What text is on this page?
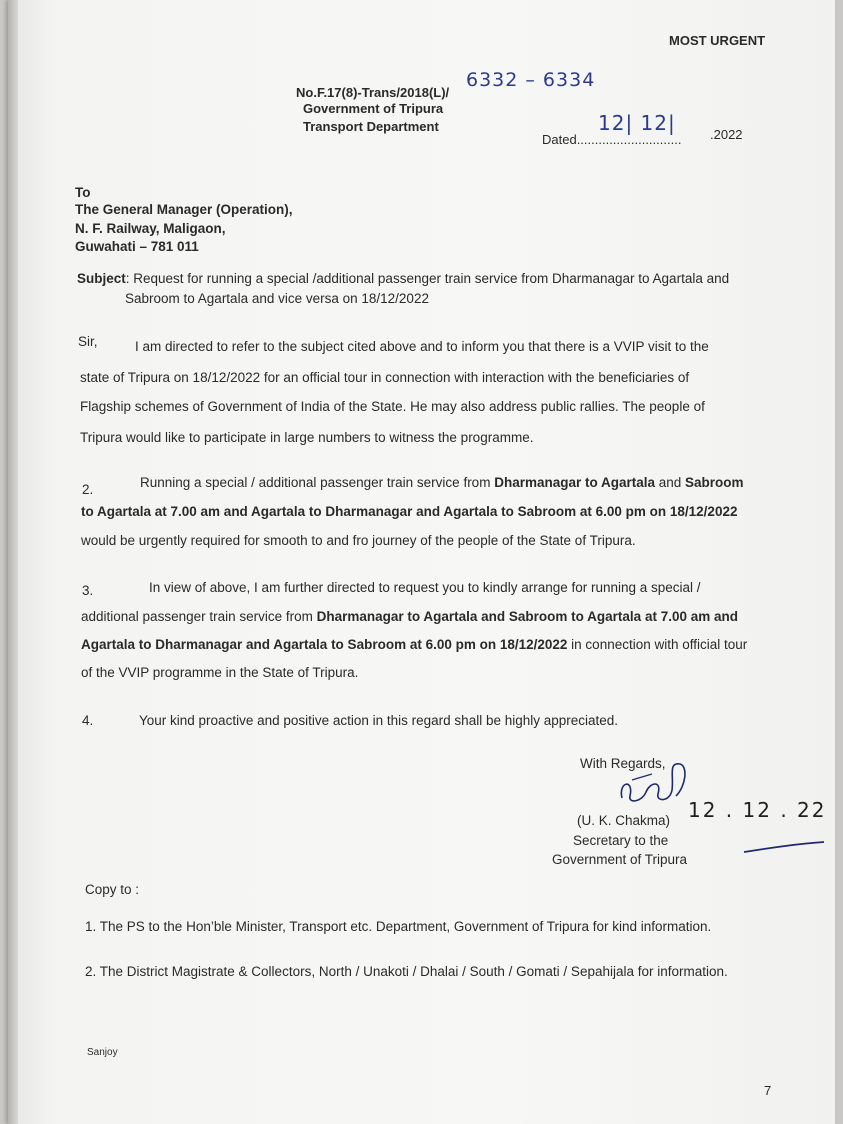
MOST URGENT
No.F.17(8)-Trans/2018(L)/
6332 – 6334
Government of Tripura
Transport Department
Dated.............................
12| 12|	.2022
To
The General Manager (Operation),
N. F. Railway, Maligaon,
Guwahati – 781 011
Subject: Request for running a special /additional passenger train service from Dharmanagar to Agartala and
Sabroom to Agartala and vice versa on 18/12/2022
Sir,	I am directed to refer to the subject cited above and to inform you that there is a VVIP visit to the
state of Tripura on 18/12/2022 for an official tour in connection with interaction with the beneficiaries of
Flagship schemes of Government of India of the State. He may also address public rallies. The people of
Tripura would like to participate in large numbers to witness the programme.
2.	Running a special / additional passenger train service from Dharmanagar to Agartala and Sabroom
to Agartala at 7.00 am and Agartala to Dharmanagar and Agartala to Sabroom at 6.00 pm on 18/12/2022
would be urgently required for smooth to and fro journey of the people of the State of Tripura.
3.	In view of above, I am further directed to request you to kindly arrange for running a special /
additional passenger train service from Dharmanagar to Agartala and Sabroom to Agartala at 7.00 am and
Agartala to Dharmanagar and Agartala to Sabroom at 6.00 pm on 18/12/2022 in connection with official tour
of the VVIP programme in the State of Tripura.
4.	Your kind proactive and positive action in this regard shall be highly appreciated.
With Regards,
(U. K. Chakma) 12 . 12 . 22
Secretary to the
Government of Tripura
Copy to :
1. The PS to the Hon’ble Minister, Transport etc. Department, Government of Tripura for kind information.
2. The District Magistrate & Collectors, North / Unakoti / Dhalai / South / Gomati / Sepahijala for information.
Sanjoy
7
